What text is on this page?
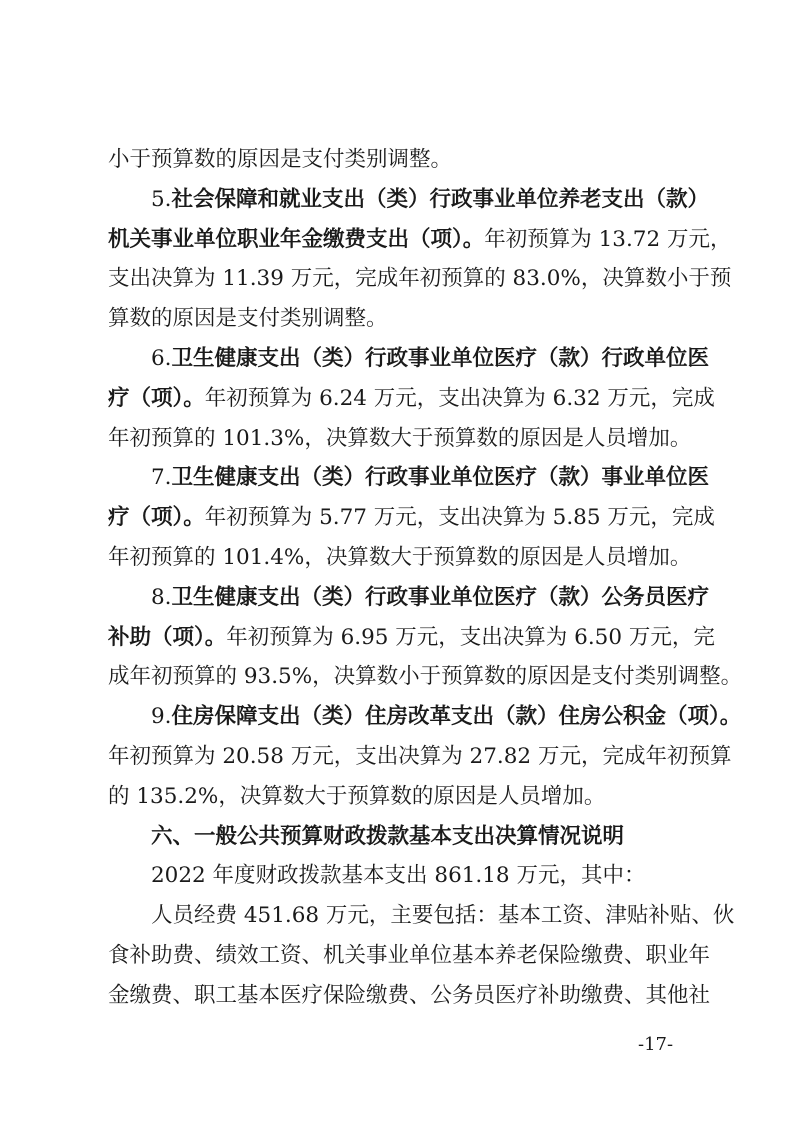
小于预算数的原因是支付类别调整。
5.社会保障和就业支出（类）行政事业单位养老支出（款）
机关事业单位职业年金缴费支出（项）。年初预算为 13.72 万元，
支出决算为 11.39 万元，完成年初预算的 83.0%，决算数小于预
算数的原因是支付类别调整。
6.卫生健康支出（类）行政事业单位医疗（款）行政单位医
疗（项）。年初预算为 6.24 万元，支出决算为 6.32 万元，完成
年初预算的 101.3%，决算数大于预算数的原因是人员增加。
7.卫生健康支出（类）行政事业单位医疗（款）事业单位医
疗（项）。年初预算为 5.77 万元，支出决算为 5.85 万元，完成
年初预算的 101.4%，决算数大于预算数的原因是人员增加。
8.卫生健康支出（类）行政事业单位医疗（款）公务员医疗
补助（项）。年初预算为 6.95 万元，支出决算为 6.50 万元，完
成年初预算的 93.5%，决算数小于预算数的原因是支付类别调整。
9.住房保障支出（类）住房改革支出（款）住房公积金（项）。
年初预算为 20.58 万元，支出决算为 27.82 万元，完成年初预算
的 135.2%，决算数大于预算数的原因是人员增加。
六、一般公共预算财政拨款基本支出决算情况说明
2022 年度财政拨款基本支出 861.18 万元，其中：
人员经费 451.68 万元，主要包括：基本工资、津贴补贴、伙
食补助费、绩效工资、机关事业单位基本养老保险缴费、职业年
金缴费、职工基本医疗保险缴费、公务员医疗补助缴费、其他社
-17-
